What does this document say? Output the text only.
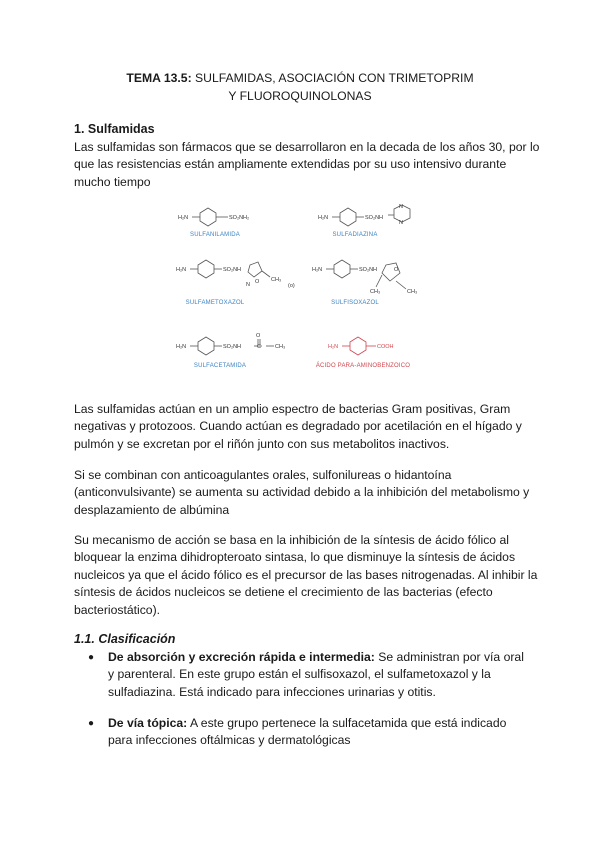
TEMA 13.5: SULFAMIDAS, ASOCIACIÓN CON TRIMETOPRIM
Y FLUOROQUINOLONAS
1. Sulfamidas
Las sulfamidas son fármacos que se desarrollaron en la decada de los años 30, por lo que las resistencias están ampliamente extendidas por su uso intensivo durante mucho tiempo
H₂N	SO₂NH₂	H₂N	SO₂NH
N
N
H₂N	SO₂NH
N O CH₃
(o)
H₂N	SO₂NH	O
CH₃	CH₃
H₂N	SO₂NH
O
C	CH₃	H₂N	COOH
SULFANILAMIDA	SULFADIAZINA
SULFAMETOXAZOL	SULFISOXAZOL
SULFACETAMIDA	ÁCIDO PARA-AMINOBENZOICO
Las sulfamidas actúan en un amplio espectro de bacterias Gram positivas, Gram negativas y protozoos. Cuando actúan es degradado por acetilación en el hígado y pulmón y se excretan por el riñón junto con sus metabolitos inactivos.
Si se combinan con anticoagulantes orales, sulfonilureas o hidantoína (anticonvulsivante) se aumenta su actividad debido a la inhibición del metabolismo y desplazamiento de albúmina
Su mecanismo de acción se basa en la inhibición de la síntesis de ácido fólico al bloquear la enzima dihidropteroato sintasa, lo que disminuye la síntesis de ácidos nucleicos ya que el ácido fólico es el precursor de las bases nitrogenadas. Al inhibir la síntesis de ácidos nucleicos se detiene el crecimiento de las bacterias (efecto bacteriostático).
1.1. Clasificación
● De absorción y excreción rápida e intermedia: Se administran por vía oral y parenteral. En este grupo están el sulfisoxazol, el sulfametoxazol y la sulfadiazina. Está indicado para infecciones urinarias y otitis.
● De vía tópica: A este grupo pertenece la sulfacetamida que está indicado para infecciones oftálmicas y dermatológicas
